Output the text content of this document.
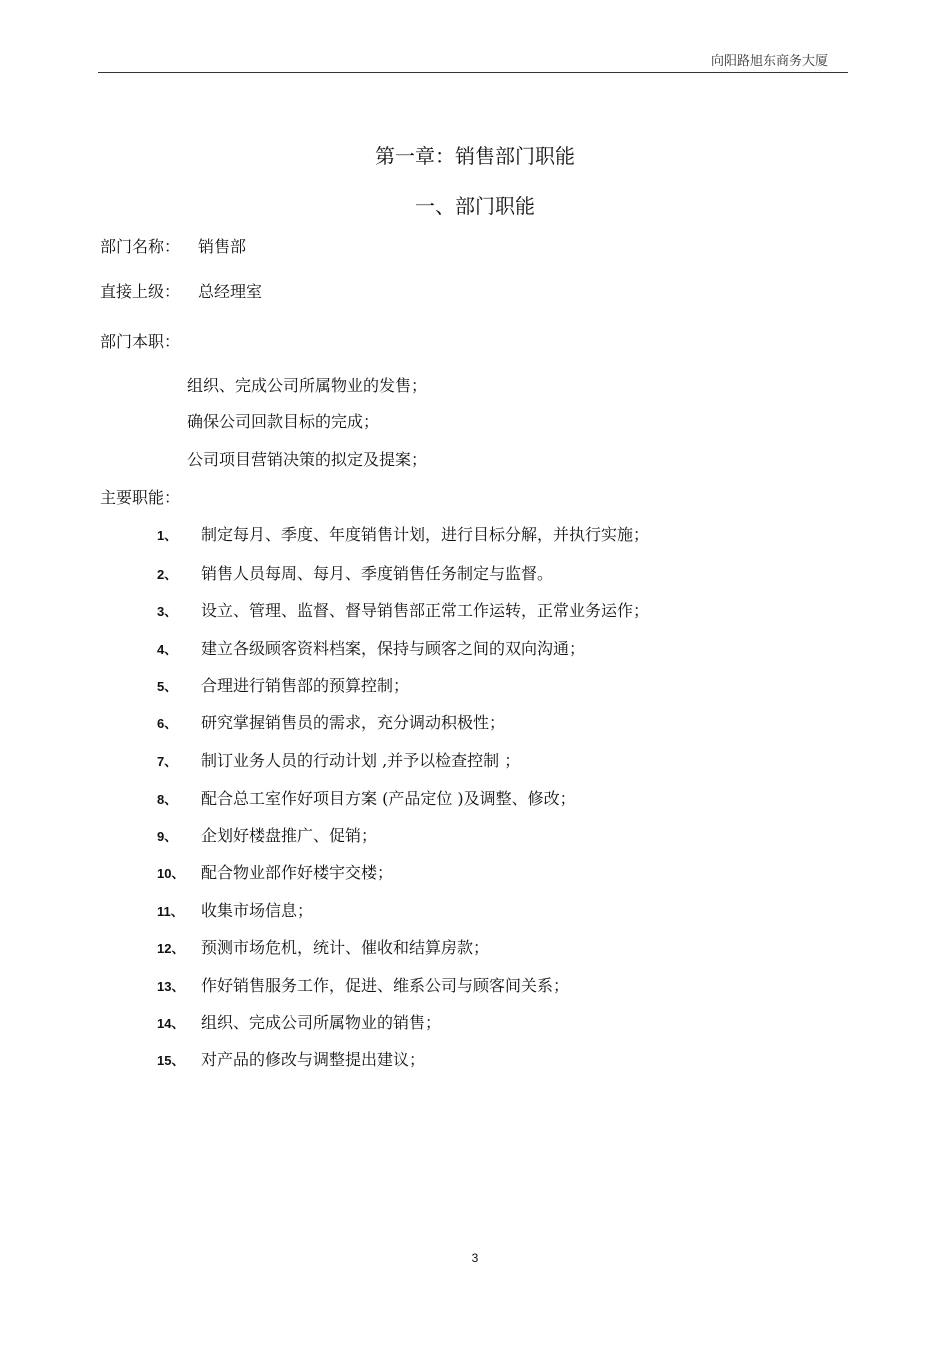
向阳路旭东商务大厦
第一章：销售部门职能
一、部门职能
部门名称： 销售部
直接上级： 总经理室
部门本职：
组织、完成公司所属物业的发售；
确保公司回款目标的完成；
公司项目营销决策的拟定及提案；
主要职能：
1、 制定每月、季度、年度销售计划，进行目标分解，并执行实施；
2、 销售人员每周、每月、季度销售任务制定与监督。
3、 设立、管理、监督、督导销售部正常工作运转，正常业务运作；
4、 建立各级顾客资料档案，保持与顾客之间的双向沟通；
5、 合理进行销售部的预算控制；
6、 研究掌握销售员的需求，充分调动积极性；
7、 制订业务人员的行动计划 ,并予以检查控制 ；
8、 配合总工室作好项目方案 (产品定位 )及调整、修改；
9、 企划好楼盘推广、促销；
10、 配合物业部作好楼宇交楼；
11、 收集市场信息；
12、 预测市场危机，统计、催收和结算房款；
13、 作好销售服务工作，促进、维系公司与顾客间关系；
14、 组织、完成公司所属物业的销售；
15、 对产品的修改与调整提出建议；
3
